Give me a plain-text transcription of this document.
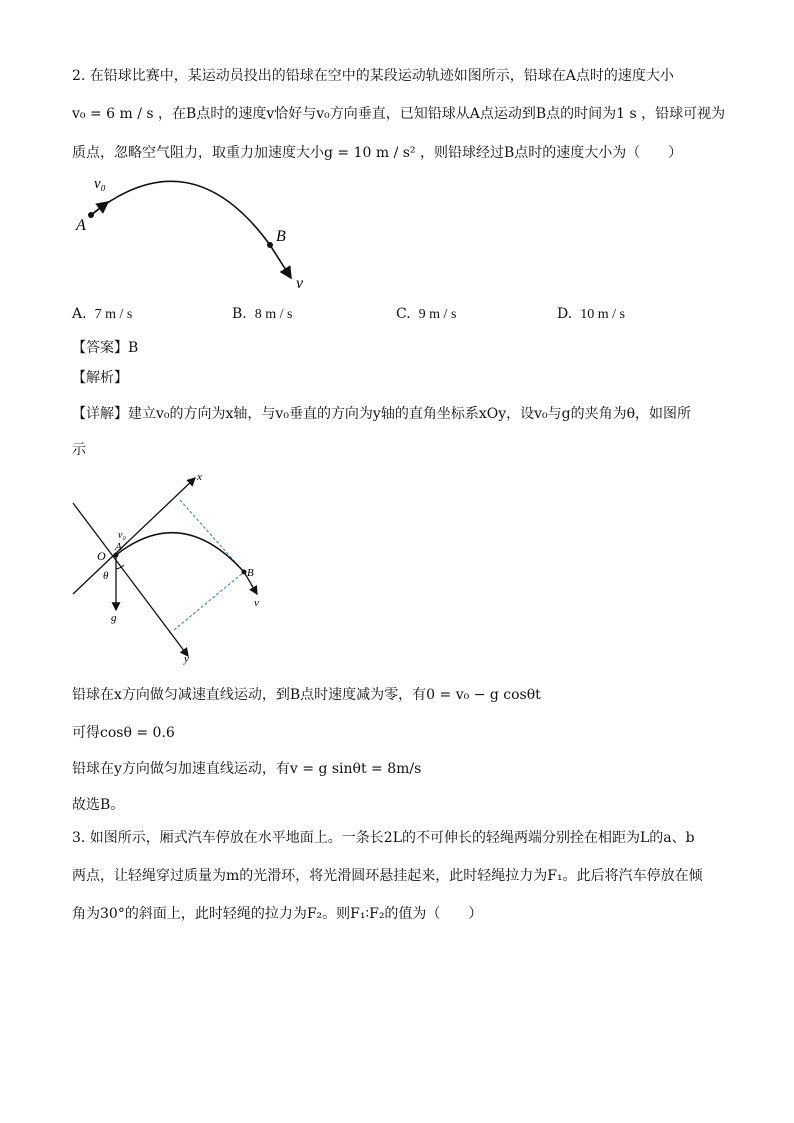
2. 在铅球比赛中，某运动员投出的铅球在空中的某段运动轨迹如图所示，铅球在A点时的速度大小
v₀ = 6 m / s ，在B点时的速度v恰好与v₀方向垂直，已知铅球从A点运动到B点的时间为1 s ，铅球可视为
质点，忽略空气阻力，取重力加速度大小g = 10 m / s² ，则铅球经过B点时的速度大小为（　　）
v₀
A
B
v
A. 7 m / s	B. 8 m / s	C. 9 m / s	D. 10 m / s
【答案】B
【解析】
【详解】建立v₀的方向为x轴，与v₀垂直的方向为y轴的直角坐标系xOy，设v₀与g的夹角为θ，如图所
示
x
y
O
A
v₀
θ
g
B
v
铅球在x方向做匀减速直线运动，到B点时速度减为零，有0 = v₀ − g cosθt
可得cosθ = 0.6
铅球在y方向做匀加速直线运动，有v = g sinθt = 8m/s
故选B。
3. 如图所示，厢式汽车停放在水平地面上。一条长2L的不可伸长的轻绳两端分别拴在相距为L的a、b
两点，让轻绳穿过质量为m的光滑环，将光滑圆环悬挂起来，此时轻绳拉力为F₁。此后将汽车停放在倾
角为30°的斜面上，此时轻绳的拉力为F₂。则F₁∶F₂的值为（　　）
